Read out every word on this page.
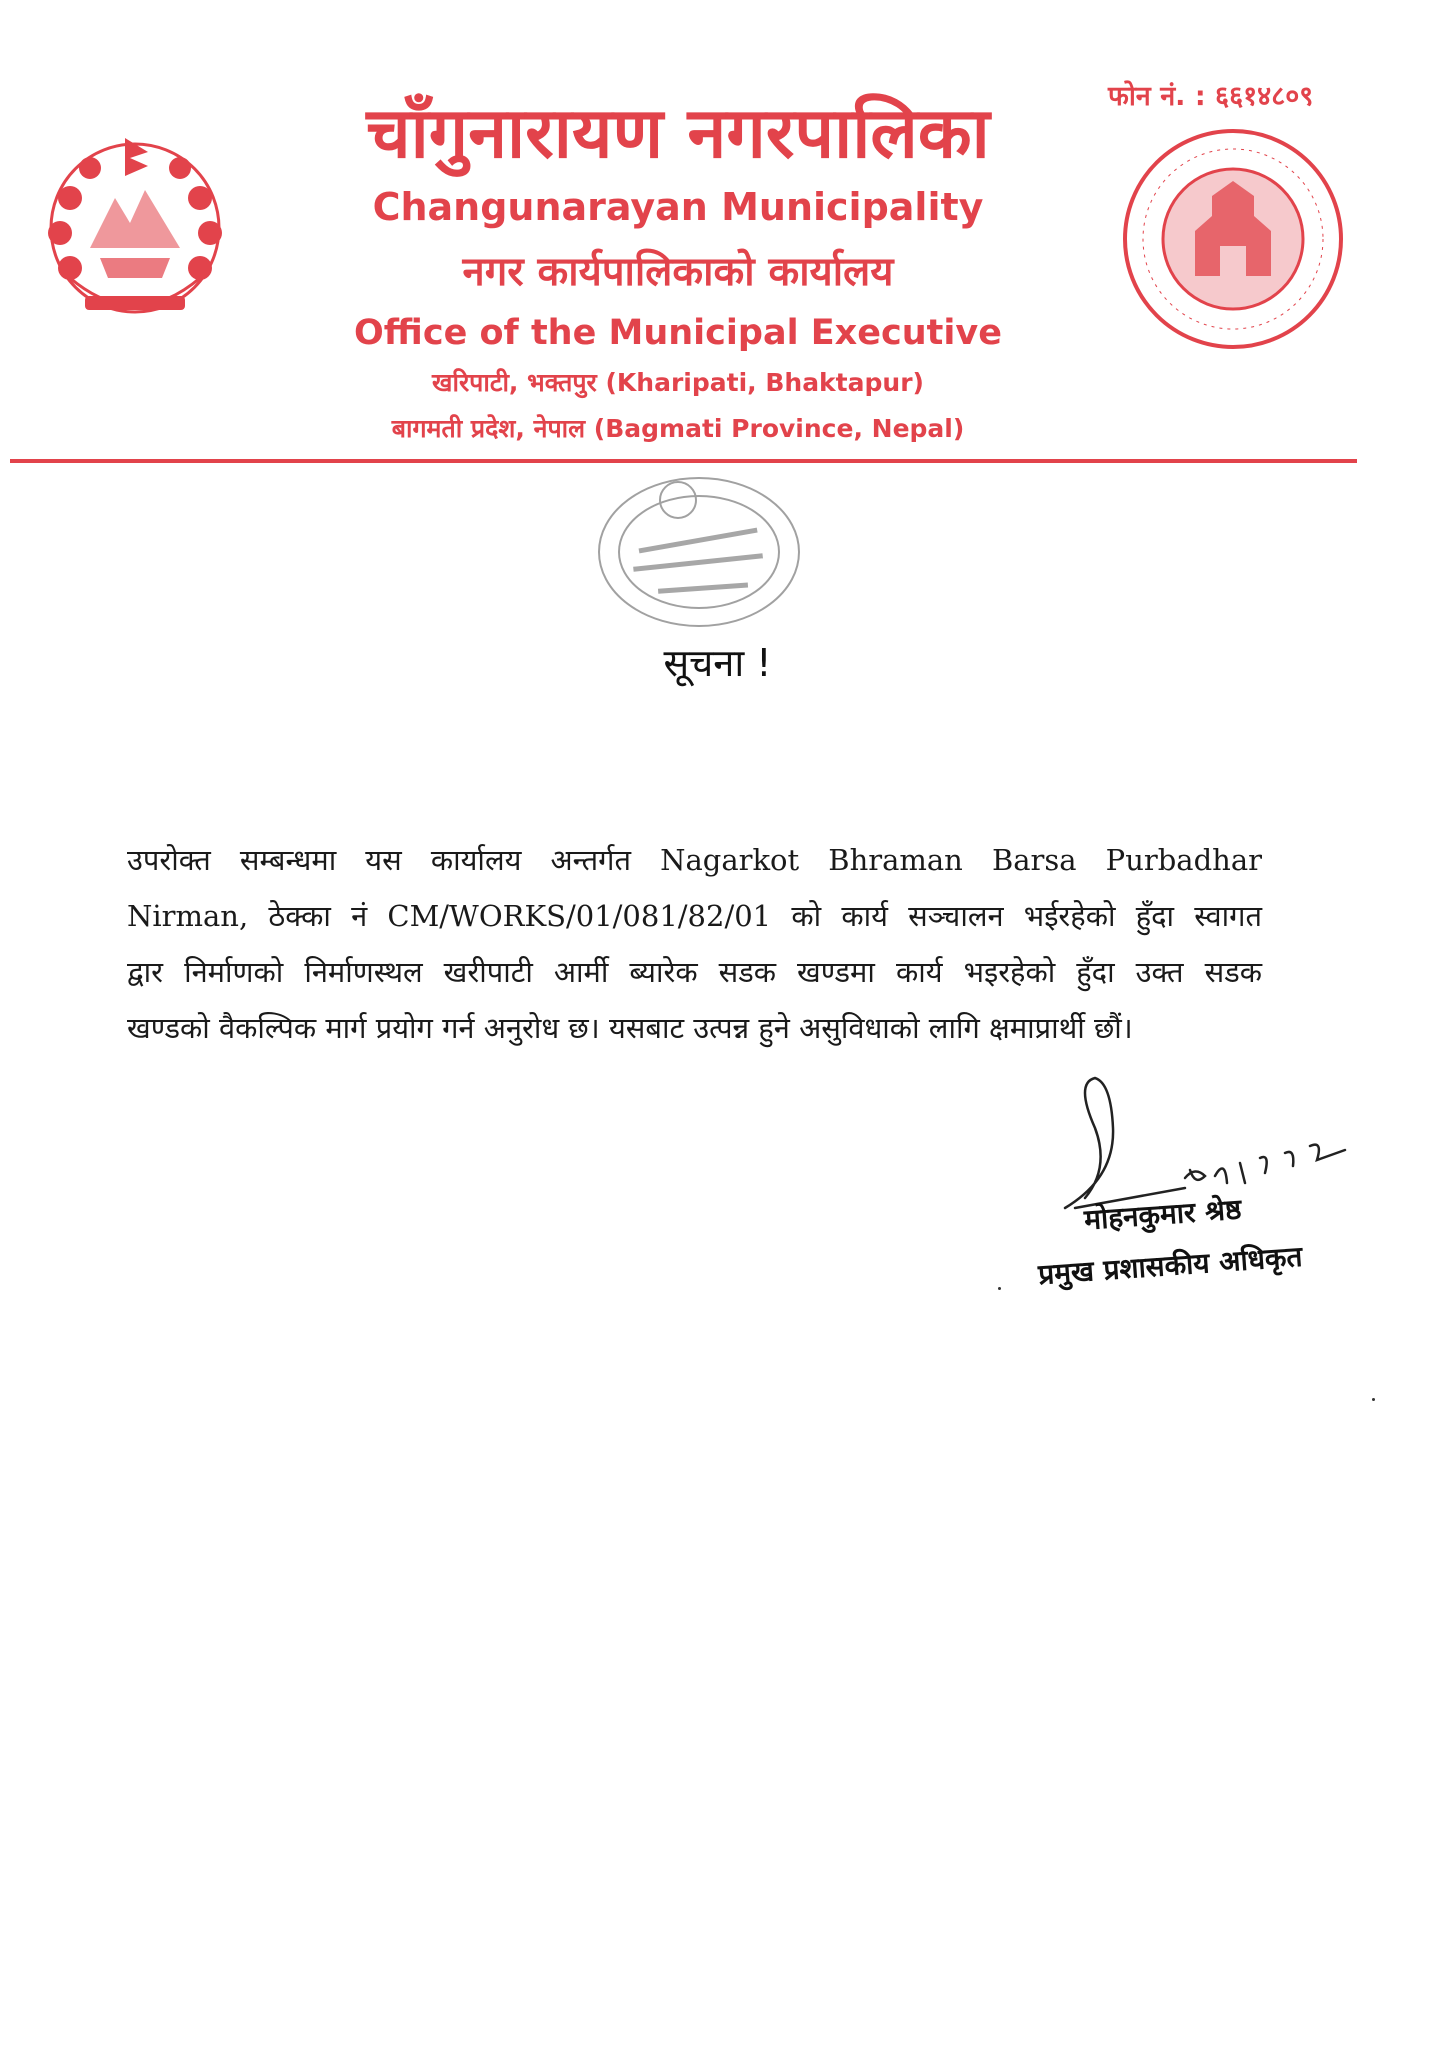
फोन नं. : ६६१४८०९
चाँगुनारायण नगरपालिका
Changunarayan Municipality
नगर कार्यपालिकाको कार्यालय
Office of the Municipal Executive
खरिपाटी, भक्तपुर (Kharipati, Bhaktapur)
बागमती प्रदेश, नेपाल (Bagmati Province, Nepal)
सूचना !
उपरोक्त सम्बन्धमा यस कार्यालय अन्तर्गत Nagarkot Bhraman Barsa Purbadhar
Nirman, ठेक्का नं CM/WORKS/01/081/82/01 को कार्य सञ्चालन भईरहेको हुँदा स्वागत
द्वार निर्माणको निर्माणस्थल खरीपाटी आर्मी ब्यारेक सडक खण्डमा कार्य भइरहेको हुँदा उक्त सडक
खण्डको वैकल्पिक मार्ग प्रयोग गर्न अनुरोध छ। यसबाट उत्पन्न हुने असुविधाको लागि क्षमाप्रार्थी छौं।
मोहनकुमार श्रेष्ठ
प्रमुख प्रशासकीय अधिकृत
